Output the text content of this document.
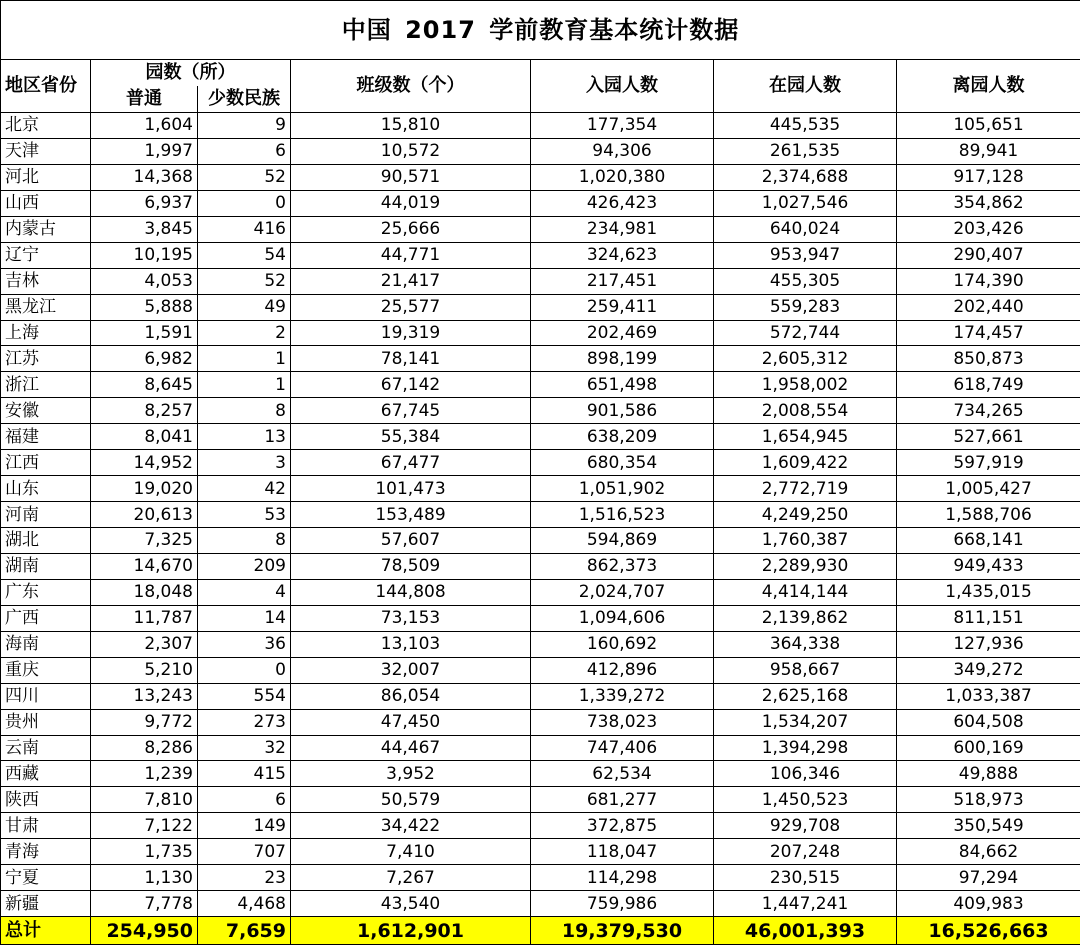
中国 2017 学前教育基本统计数据						
地区省份	园数（所）		班级数（个）	入园人数	在园人数	离园人数
	普通	少数民族				
北京	1,604	9	15,810	177,354	445,535	105,651
天津	1,997	6	10,572	94,306	261,535	89,941
河北	14,368	52	90,571	1,020,380	2,374,688	917,128
山西	6,937	0	44,019	426,423	1,027,546	354,862
内蒙古	3,845	416	25,666	234,981	640,024	203,426
辽宁	10,195	54	44,771	324,623	953,947	290,407
吉林	4,053	52	21,417	217,451	455,305	174,390
黑龙江	5,888	49	25,577	259,411	559,283	202,440
上海	1,591	2	19,319	202,469	572,744	174,457
江苏	6,982	1	78,141	898,199	2,605,312	850,873
浙江	8,645	1	67,142	651,498	1,958,002	618,749
安徽	8,257	8	67,745	901,586	2,008,554	734,265
福建	8,041	13	55,384	638,209	1,654,945	527,661
江西	14,952	3	67,477	680,354	1,609,422	597,919
山东	19,020	42	101,473	1,051,902	2,772,719	1,005,427
河南	20,613	53	153,489	1,516,523	4,249,250	1,588,706
湖北	7,325	8	57,607	594,869	1,760,387	668,141
湖南	14,670	209	78,509	862,373	2,289,930	949,433
广东	18,048	4	144,808	2,024,707	4,414,144	1,435,015
广西	11,787	14	73,153	1,094,606	2,139,862	811,151
海南	2,307	36	13,103	160,692	364,338	127,936
重庆	5,210	0	32,007	412,896	958,667	349,272
四川	13,243	554	86,054	1,339,272	2,625,168	1,033,387
贵州	9,772	273	47,450	738,023	1,534,207	604,508
云南	8,286	32	44,467	747,406	1,394,298	600,169
西藏	1,239	415	3,952	62,534	106,346	49,888
陕西	7,810	6	50,579	681,277	1,450,523	518,973
甘肃	7,122	149	34,422	372,875	929,708	350,549
青海	1,735	707	7,410	118,047	207,248	84,662
宁夏	1,130	23	7,267	114,298	230,515	97,294
新疆	7,778	4,468	43,540	759,986	1,447,241	409,983
总计	254,950	7,659	1,612,901	19,379,530	46,001,393	16,526,663
